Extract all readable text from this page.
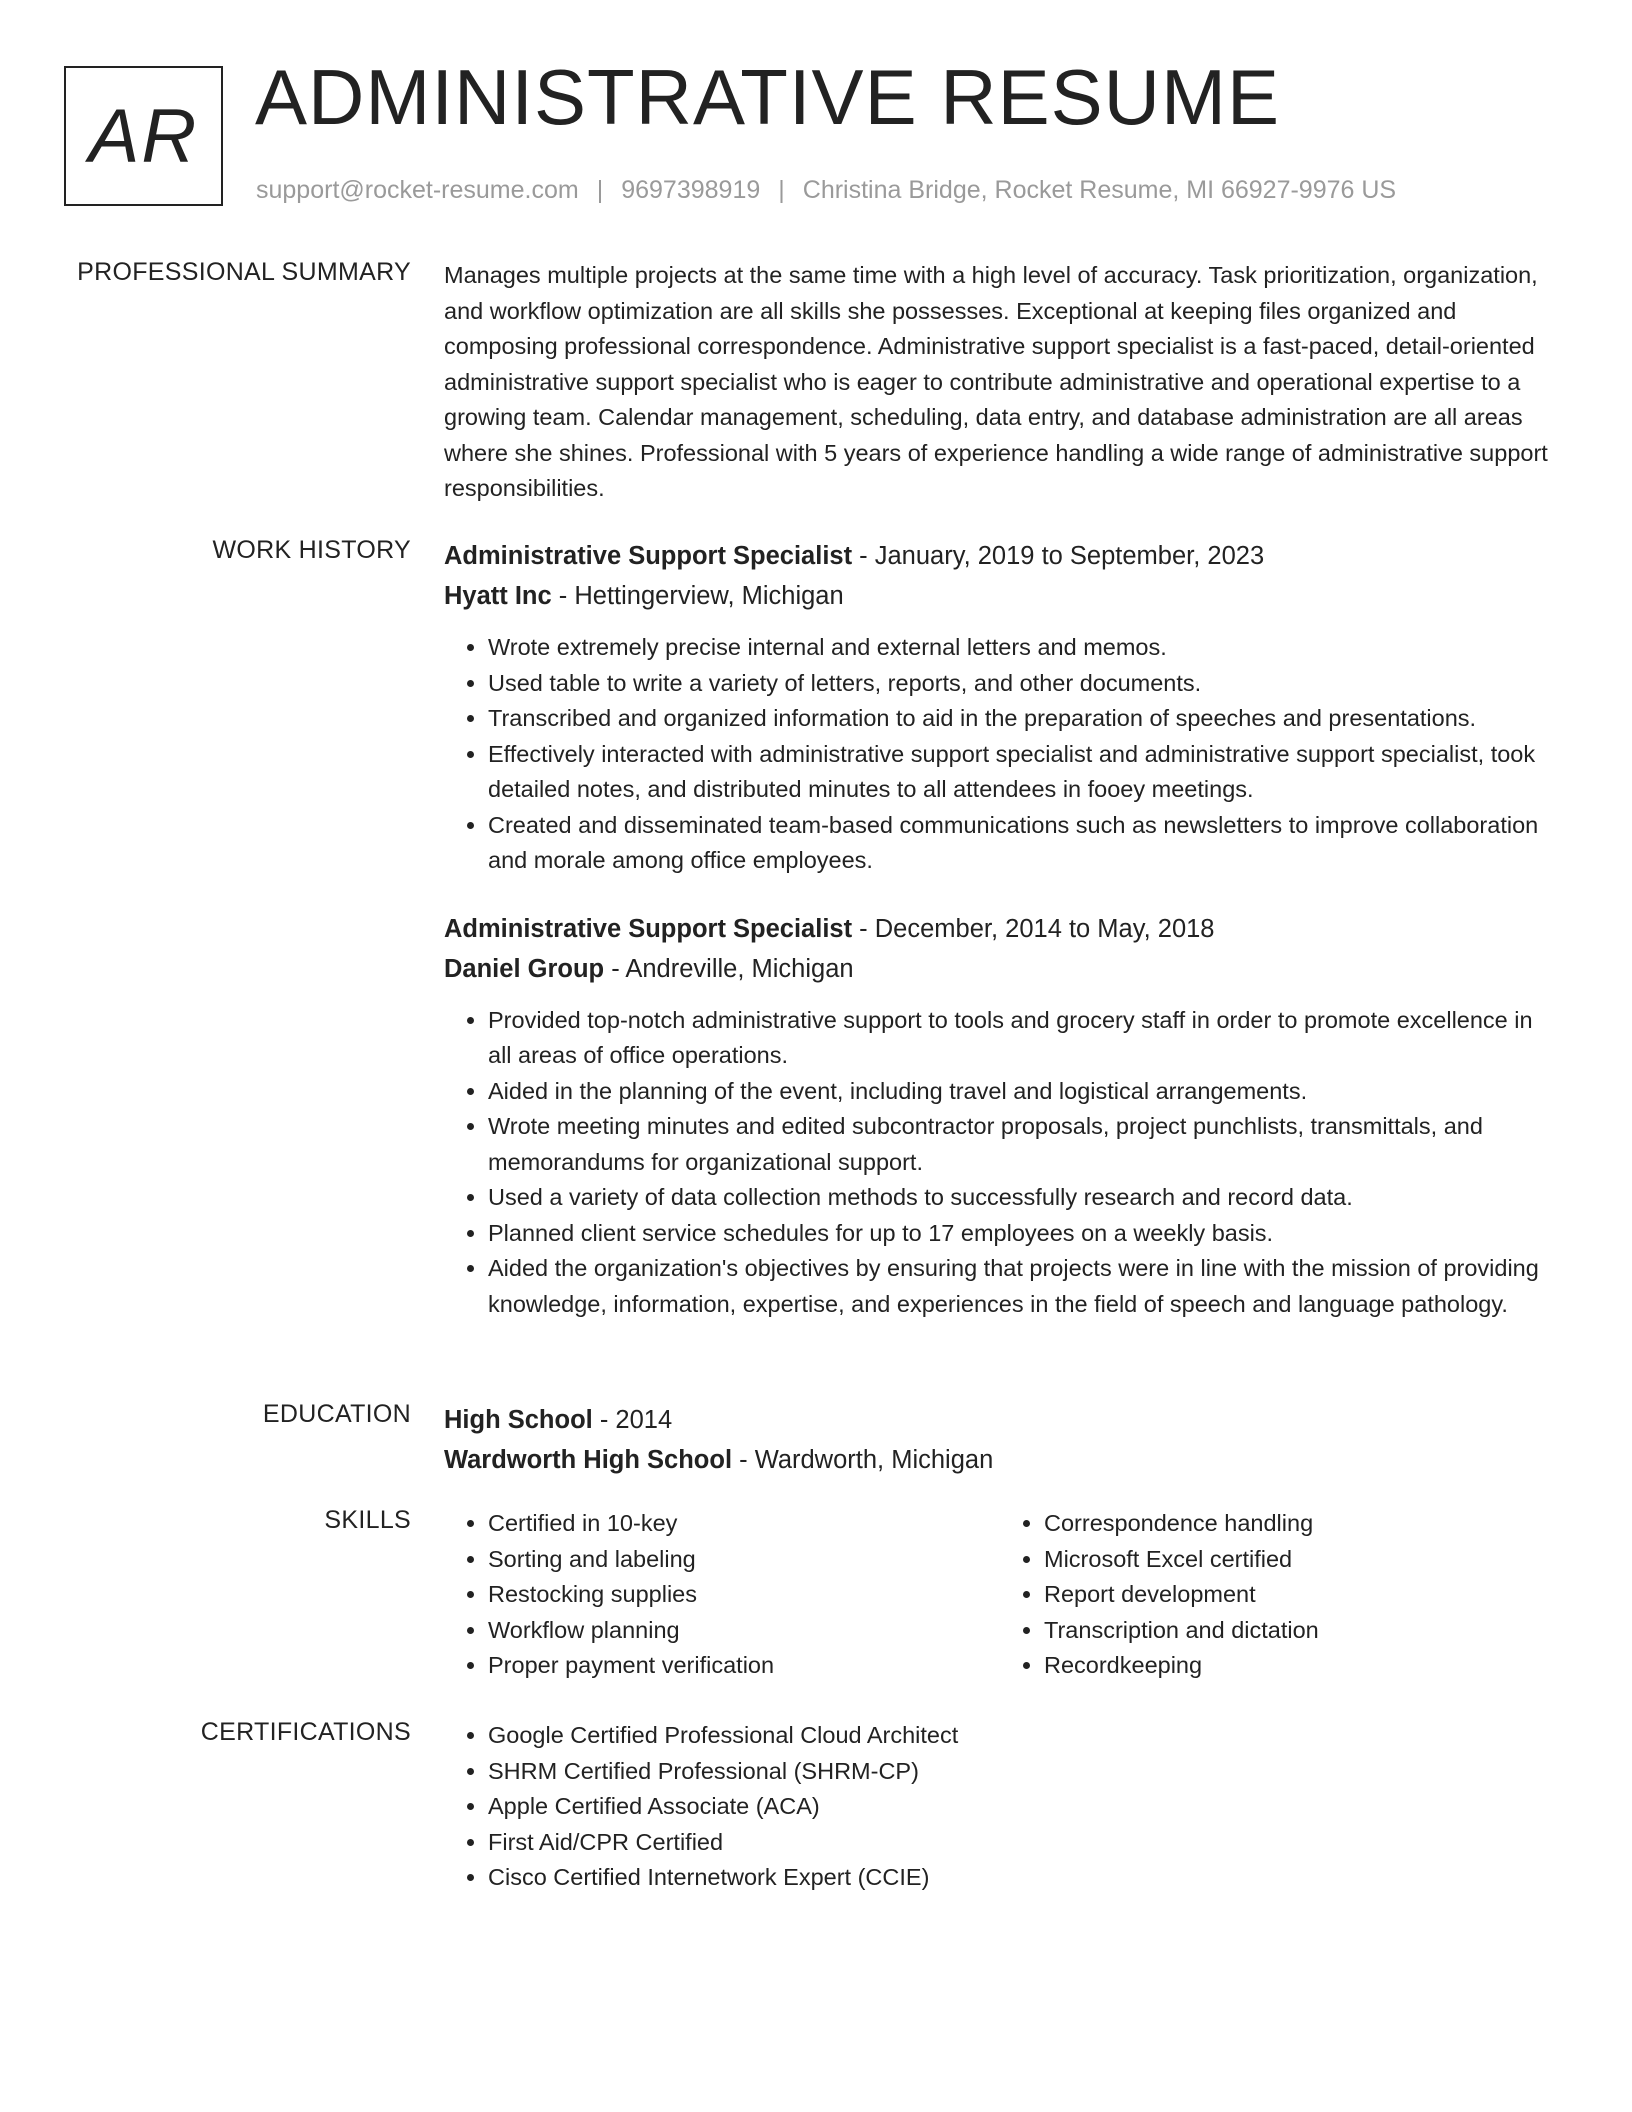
AR ADMINISTRATIVE RESUME
support@rocket-resume.com | 9697398919 | Christina Bridge, Rocket Resume, MI 66927-9976 US
PROFESSIONAL SUMMARY Manages multiple projects at the same time with a high level of accuracy. Task prioritization, organization, and workflow optimization are all skills she possesses. Exceptional at keeping files organized and composing professional correspondence. Administrative support specialist is a fast-paced, detail-oriented administrative support specialist who is eager to contribute administrative and operational expertise to a growing team. Calendar management, scheduling, data entry, and database administration are all areas where she shines. Professional with 5 years of experience handling a wide range of administrative support responsibilities.

WORK HISTORY Administrative Support Specialist - January, 2019 to September, 2023
Hyatt Inc - Hettingerview, Michigan
• Wrote extremely precise internal and external letters and memos.
• Used table to write a variety of letters, reports, and other documents.
• Transcribed and organized information to aid in the preparation of speeches and presentations.
• Effectively interacted with administrative support specialist and administrative support specialist, took detailed notes, and distributed minutes to all attendees in fooey meetings.
• Created and disseminated team-based communications such as newsletters to improve collaboration and morale among office employees.
Administrative Support Specialist - December, 2014 to May, 2018
Daniel Group - Andreville, Michigan
• Provided top-notch administrative support to tools and grocery staff in order to promote excellence in all areas of office operations.
• Aided in the planning of the event, including travel and logistical arrangements.
• Wrote meeting minutes and edited subcontractor proposals, project punchlists, transmittals, and memorandums for organizational support.
• Used a variety of data collection methods to successfully research and record data.
• Planned client service schedules for up to 17 employees on a weekly basis.
• Aided the organization's objectives by ensuring that projects were in line with the mission of providing knowledge, information, expertise, and experiences in the field of speech and language pathology.
EDUCATION High School - 2014
Wardworth High School - Wardworth, Michigan
SKILLS	• Certified in 10-key
• Sorting and labeling
• Restocking supplies
• Workflow planning
• Proper payment verification
• Correspondence handling
• Microsoft Excel certified
• Report development
• Transcription and dictation
• Recordkeeping
CERTIFICATIONS	• Google Certified Professional Cloud Architect
• SHRM Certified Professional (SHRM-CP)
• Apple Certified Associate (ACA)
• First Aid/CPR Certified
• Cisco Certified Internetwork Expert (CCIE)
